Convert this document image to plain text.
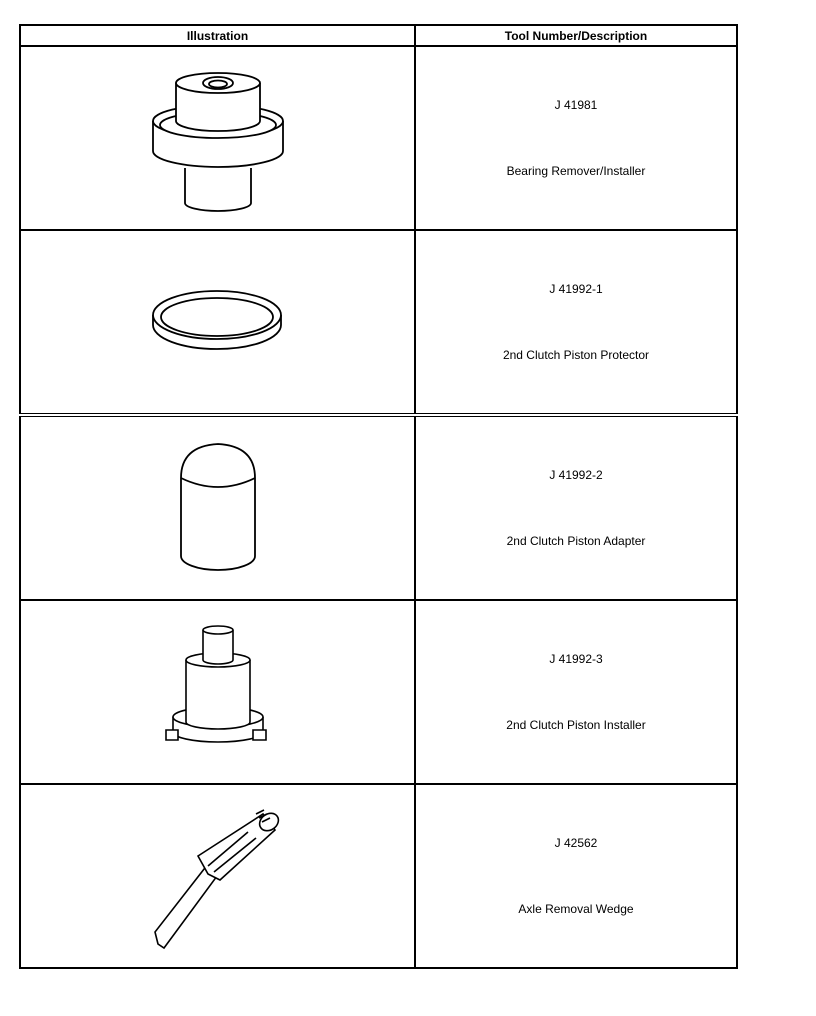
Illustration	Tool Number/Description

J 41981
Bearing Remover/Installer

J 41992-1
2nd Clutch Piston Protector

J 41992-2
2nd Clutch Piston Adapter

J 41992-3
2nd Clutch Piston Installer

J 42562
Axle Removal Wedge
